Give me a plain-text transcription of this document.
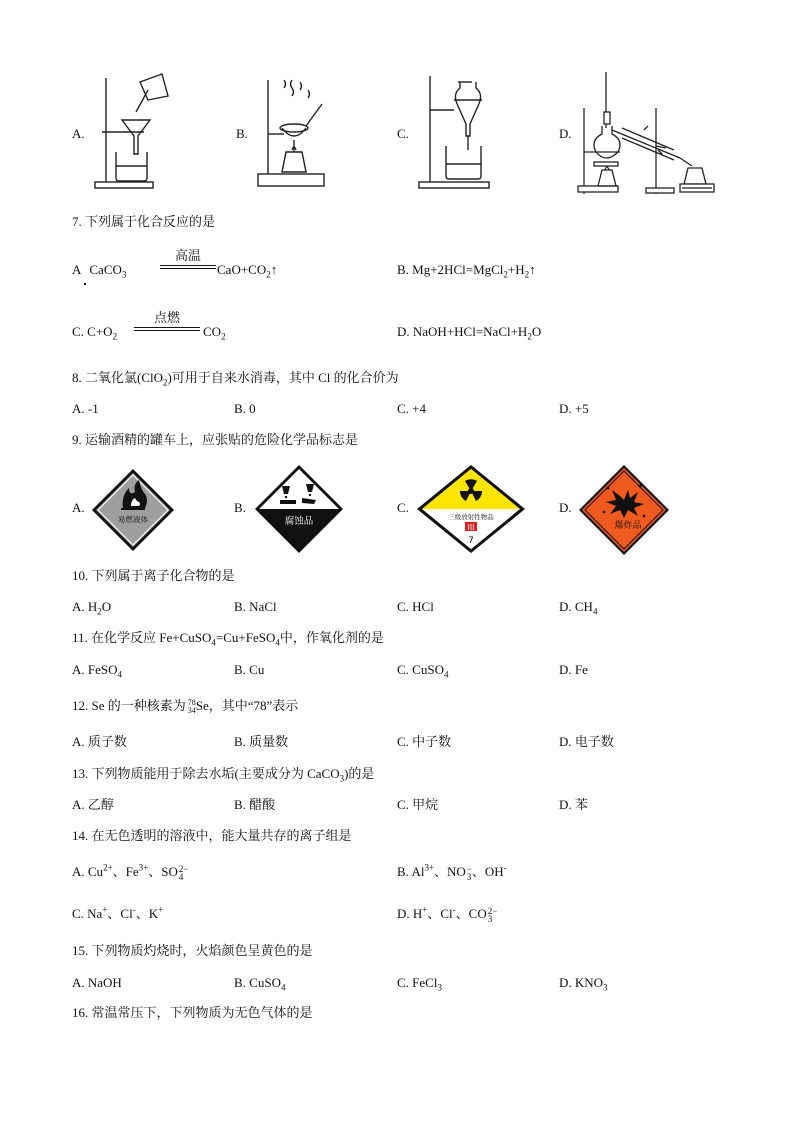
A.	B.	C.	D.
7. 下列属于化合反应的是
A CaCO$_3$
高温
$CaO+CO_2↑$	B. $Mg+2HCl=MgCl_2+H_2↑$
C. $C+O_2$
点燃
$CO_2$	D. $NaOH+HCl=NaCl+H_2O$
8. 二氧化氯(ClO$_2$)可用于自来水消毒，其中 Cl 的化合价为
A. -1	B. 0	C. +4	D. +5
9. 运输酒精的罐车上，应张贴的危险化学品标志是
A.	B.	C.	D.
易燃液体	腐蚀品	三级放射性物品
III
7
爆炸品
10. 下列属于离子化合物的是
A. $H_2O$	B. NaCl	C. HCl	D. $CH_4$
11. 在化学反应 Fe+CuSO$_4$=Cu+FeSO$_4$中，作氧化剂的是
A. FeSO$_4$	B. Cu	C. CuSO$_4$	D. Fe
12. Se 的一种核素为 78
34 Se，其中“78”表示
A. 质子数	B. 质量数	C. 中子数	D. 电子数
13. 下列物质能用于除去水垢(主要成分为 CaCO$_3$)的是
A. 乙醇	B. 醋酸	C. 甲烷	D. 苯
14. 在无色透明的溶液中，能大量共存的离子组是
A. $Cu^{2+}$、$Fe^{3+}$、SO 2−
4	B. $Al^{3+}$、NO −
3 、OH-
C. Na+、Cl-、K+	D. H+、Cl-、CO 2−
3
15. 下列物质灼烧时，火焰颜色呈黄色的是
A. NaOH	B. CuSO$_4$	C. FeCl$_3$	D. $KNO_3$
16. 常温常压下，下列物质为无色气体的是
